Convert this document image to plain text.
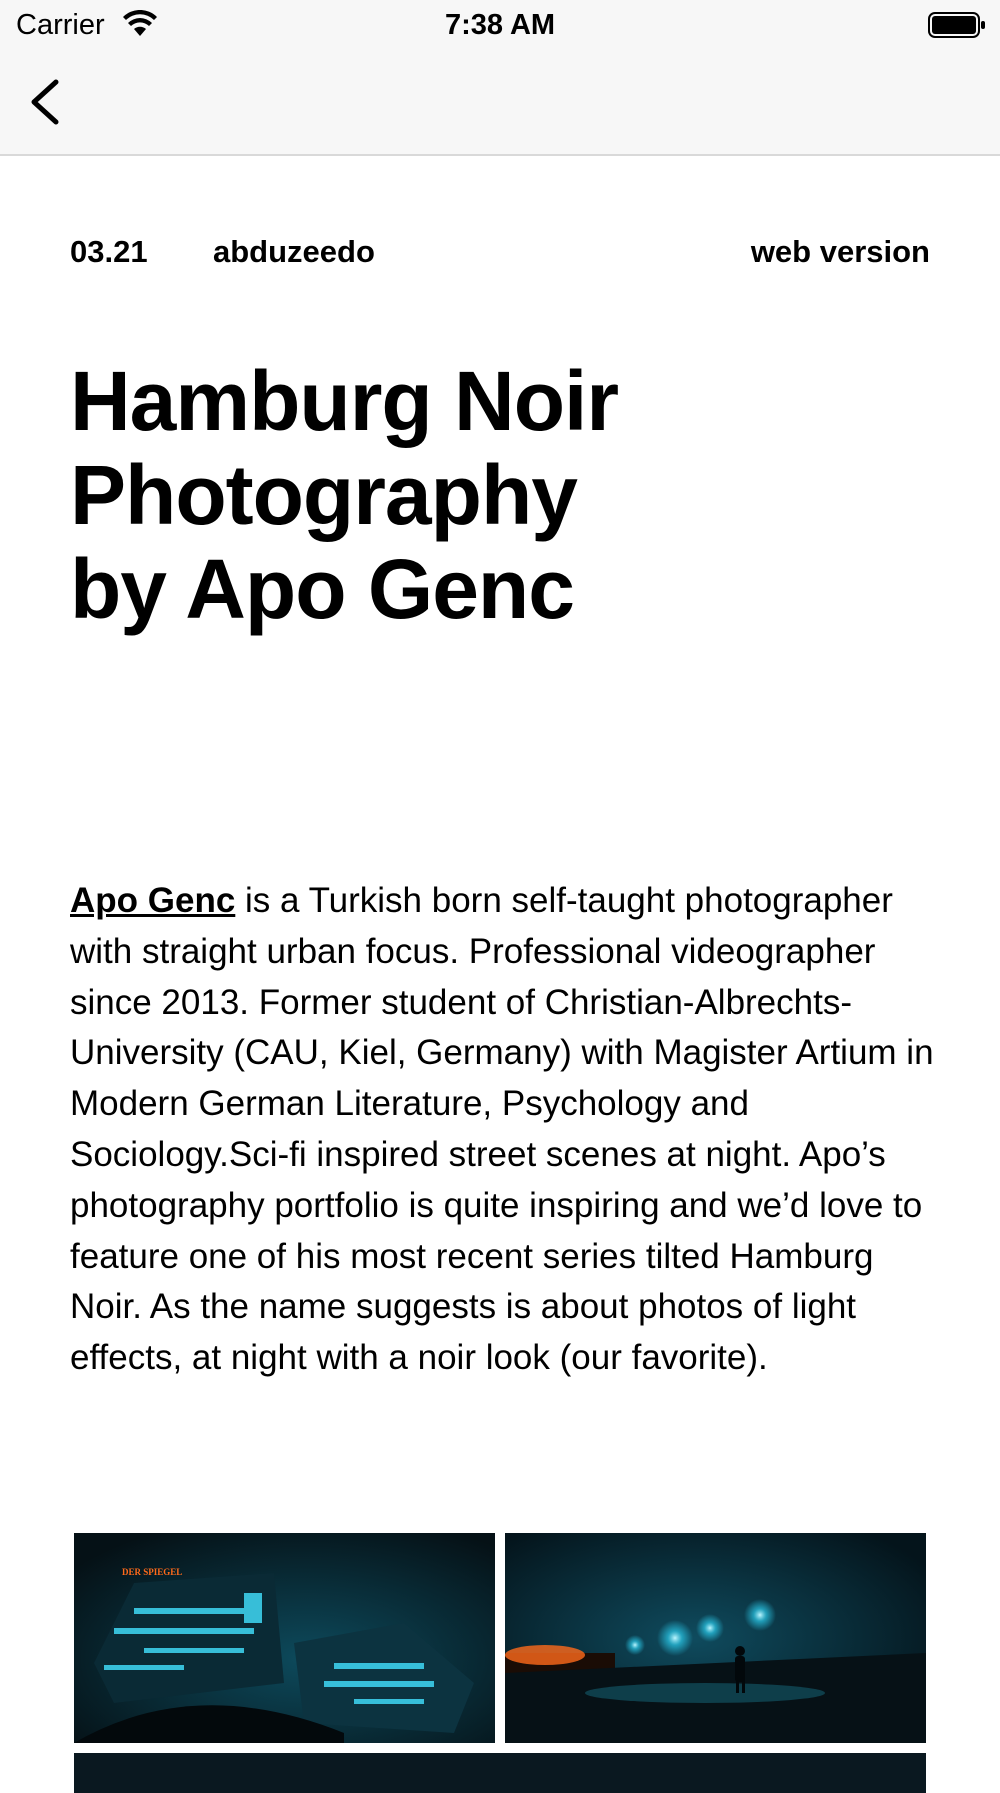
Carrier	7:38 AM
03.21 abduzeedo	web version
Hamburg Noir
Photography
by Apo Genc

Apo Genc is a Turkish born self-taught photographer with straight urban focus. Professional videographer since 2013. Former student of Christian-Albrechts-University (CAU, Kiel, Germany) with Magister Artium in Modern German Literature, Psychology and Sociology.Sci-fi inspired street scenes at night. Apo’s photography portfolio is quite inspiring and we’d love to feature one of his most recent series tilted Hamburg Noir. As the name suggests is about photos of light effects, at night with a noir look (our favorite).

DER SPIEGEL
